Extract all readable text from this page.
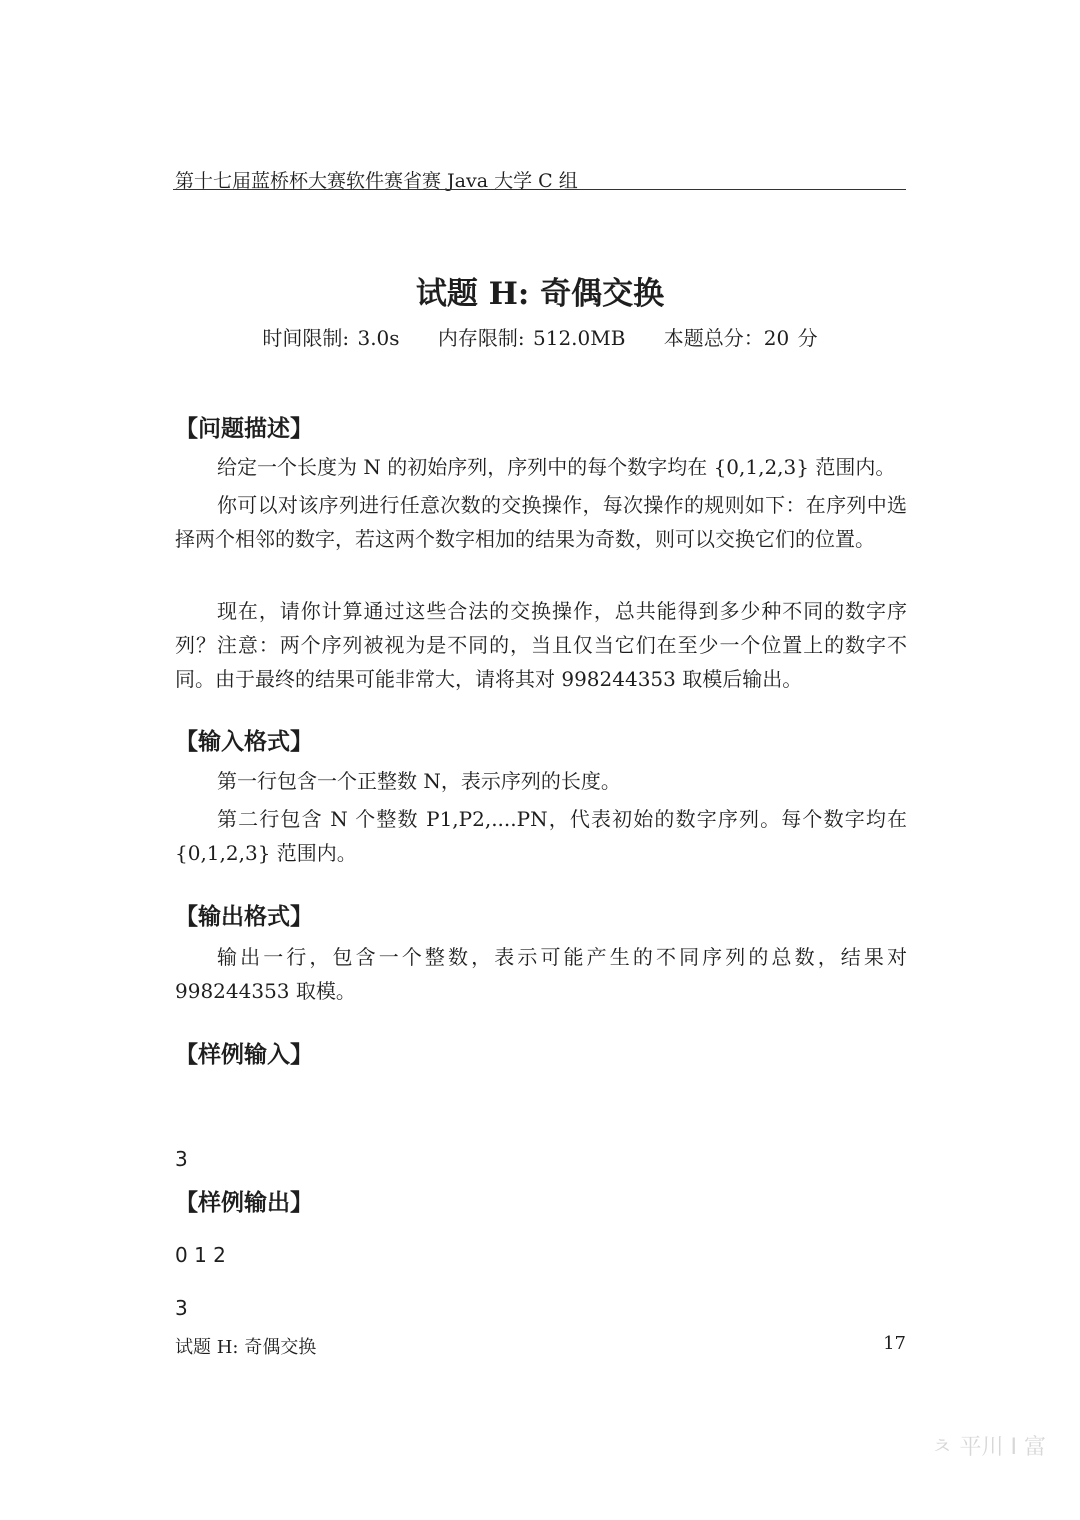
第十七届蓝桥杯大赛软件赛省赛 Java 大学 C 组
试题 H: 奇偶交换
时间限制: 3.0s 内存限制: 512.0MB 本题总分：20 分
【问题描述】
给定一个长度为 N 的初始序列，序列中的每个数字均在 {0,1,2,3} 范围内。
你可以对该序列进行任意次数的交换操作，每次操作的规则如下：在序列中选择两个相邻的数字，若这两个数字相加的结果为奇数，则可以交换它们的位置。
现在，请你计算通过这些合法的交换操作，总共能得到多少种不同的数字序列？注意：两个序列被视为是不同的，当且仅当它们在至少一个位置上的数字不同。由于最终的结果可能非常大，请将其对 998244353 取模后输出。
【输入格式】
第一行包含一个正整数 N，表示序列的长度。
第二行包含 N 个整数 P1,P2,....PN，代表初始的数字序列。每个数字均在 {0,1,2,3} 范围内。
【输出格式】
输出一行，包含一个整数，表示可能产生的不同序列的总数，结果对 998244353 取模。
【样例输入】

3

0 1 2

【样例输出】

3

试题 H: 奇偶交换	17
ㅊ 平川 I 富
